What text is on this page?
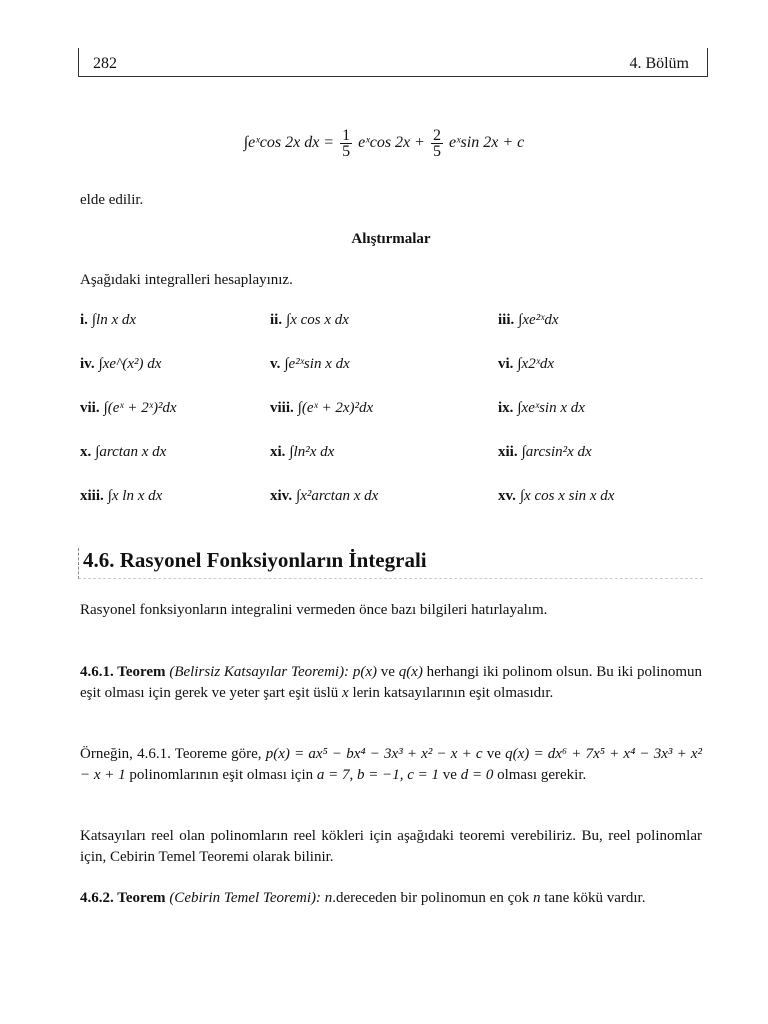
282	4. Bölüm
∫eˣcos 2x dx = $\frac{1}{5}$ eˣcos $2x + \frac{2}{5}$ eˣsin 2x + c
elde edilir.
Alıştırmalar
Aşağıdaki integralleri hesaplayınız.
i. ∫ln x dx	ii. ∫x cos x dx	iii. ∫xe²ˣdx
iv. ∫xe^(x²) dx	v. ∫e²ˣsin x dx	vi. ∫x2ˣdx
vii. ∫(eˣ + 2ˣ)²dx	viii. ∫(eˣ + 2x)²dx	ix. ∫xeˣsin x dx
x. ∫arctan x dx	xi. ∫ln²x dx	xii. ∫arcsin²x dx
xiii. ∫x ln x dx	xiv. ∫x²arctan x dx	xv. ∫x cos x sin x dx
4.6. Rasyonel Fonksiyonların İntegrali
Rasyonel fonksiyonların integralini vermeden önce bazı bilgileri hatırlayalım.
4.6.1. Teorem (Belirsiz Katsayılar Teoremi): p(x) ve q(x) herhangi iki polinom olsun. Bu iki polinomun eşit olması için gerek ve yeter şart eşit üslü x lerin katsayılarının eşit olmasıdır.
Örneğin, 4.6.1. Teoreme göre, p(x) = ax⁵ − bx⁴ − 3x³ + x² − x + c ve q(x) = dx⁶ + 7x⁵ + x⁴ − 3x³ + x² − x + 1 polinomlarının eşit olması için a = 7, b = −1, c = 1 ve d = 0 olması gerekir.
Katsayıları reel olan polinomların reel kökleri için aşağıdaki teoremi verebiliriz. Bu, reel polinomlar için, Cebirin Temel Teoremi olarak bilinir.
4.6.2. Teorem (Cebirin Temel Teoremi): n.dereceden bir polinomun en çok n tane kökü vardır.
